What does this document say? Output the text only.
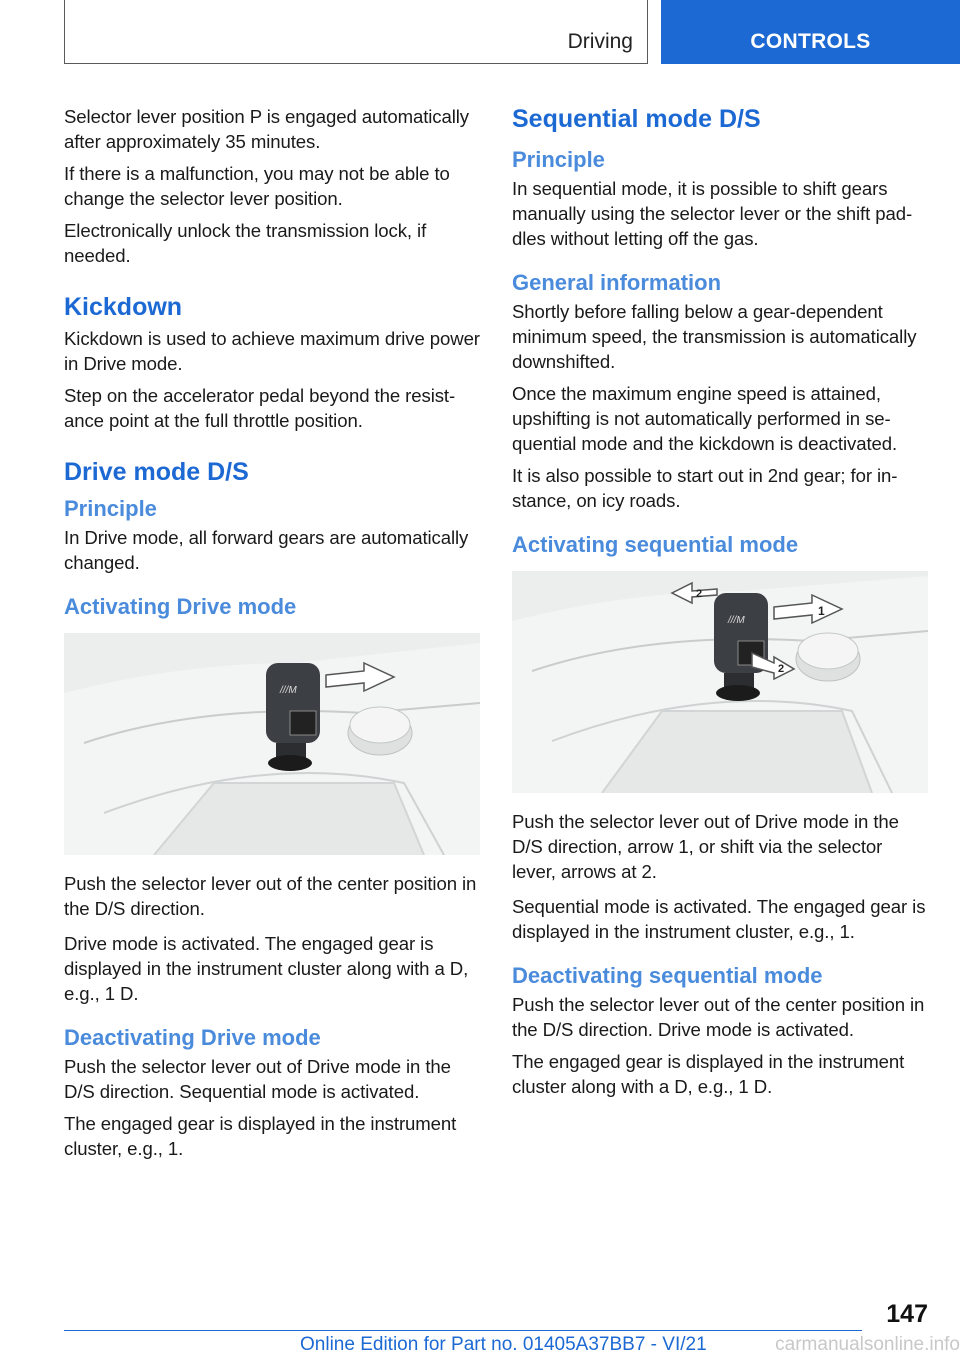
Driving	CONTROLS

Selector lever position P is engaged automatically after approximately 35 minutes.

If there is a malfunction, you may not be able to change the selector lever position.

Electronically unlock the transmission lock, if needed.

Kickdown

Kickdown is used to achieve maximum drive power in Drive mode.

Step on the accelerator pedal beyond the resistance point at the full throttle position.

Drive mode D/S
Principle

In Drive mode, all forward gears are automatically changed.

Activating Drive mode
///M

Push the selector lever out of the center position in the D/S direction.

Drive mode is activated. The engaged gear is displayed in the instrument cluster along with a D, e.g., 1 D.

Deactivating Drive mode

Push the selector lever out of Drive mode in the D/S direction. Sequential mode is activated.

The engaged gear is displayed in the instrument cluster, e.g., 1.

Sequential mode D/S
Principle

In sequential mode, it is possible to shift gears manually using the selector lever or the shift paddles without letting off the gas.

General information

Shortly before falling below a gear-dependent minimum speed, the transmission is automatically downshifted.

Once the maximum engine speed is attained, upshifting is not automatically performed in sequential mode and the kickdown is deactivated.

It is also possible to start out in 2nd gear; for instance, on icy roads.

Activating sequential mode
///M
1
2
2

Push the selector lever out of Drive mode in the D/S direction, arrow 1, or shift via the selector lever, arrows at 2.

Sequential mode is activated. The engaged gear is displayed in the instrument cluster, e.g., 1.

Deactivating sequential mode

Push the selector lever out of the center position in the D/S direction. Drive mode is activated.

The engaged gear is displayed in the instrument cluster along with a D, e.g., 1 D.

147
Online Edition for Part no. 01405A37BB7 - VI/21	carmanualsonline.info
